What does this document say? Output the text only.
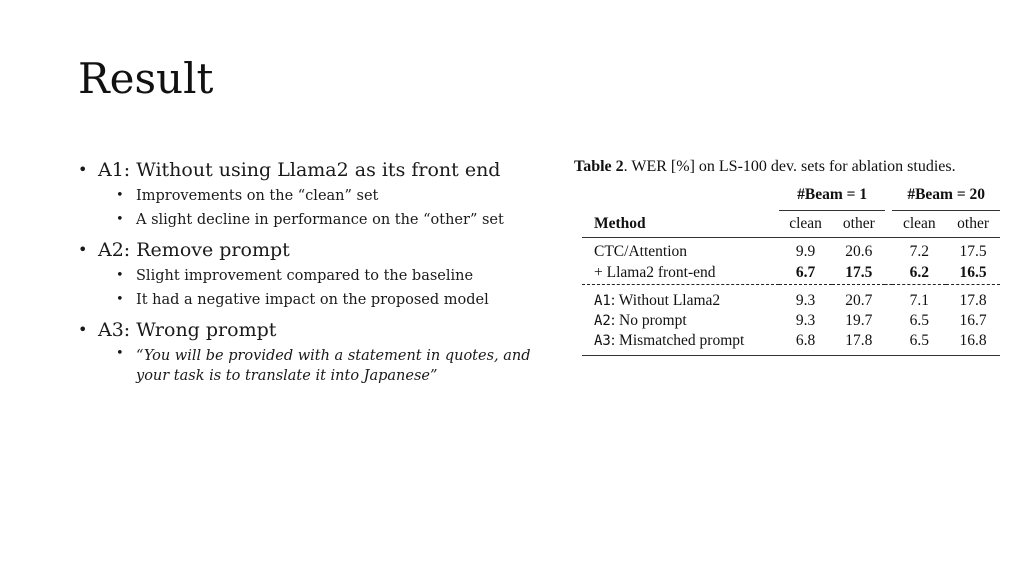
Result
• A1: Without using Llama2 as its front end
• Improvements on the “clean” set
• A slight decline in performance on the “other” set
• A2: Remove prompt
• Slight improvement compared to the baseline
• It had a negative impact on the proposed model
• A3: Wrong prompt
• “You will be provided with a statement in quotes, and your task is to translate it into Japanese”
Table 2. WER [%] on LS-100 dev. sets for ablation studies.
	#Beam = 1			#Beam = 20	
Method	clean	other		clean	other
CTC/Attention	9.9	20.6		7.2	17.5
+ Llama2 front-end	6.7	17.5		6.2	16.5
A1: Without Llama2	9.3	20.7		7.1	17.8
A2: No prompt	9.3	19.7		6.5	16.7
A3: Mismatched prompt	6.8	17.8		6.5	16.8
